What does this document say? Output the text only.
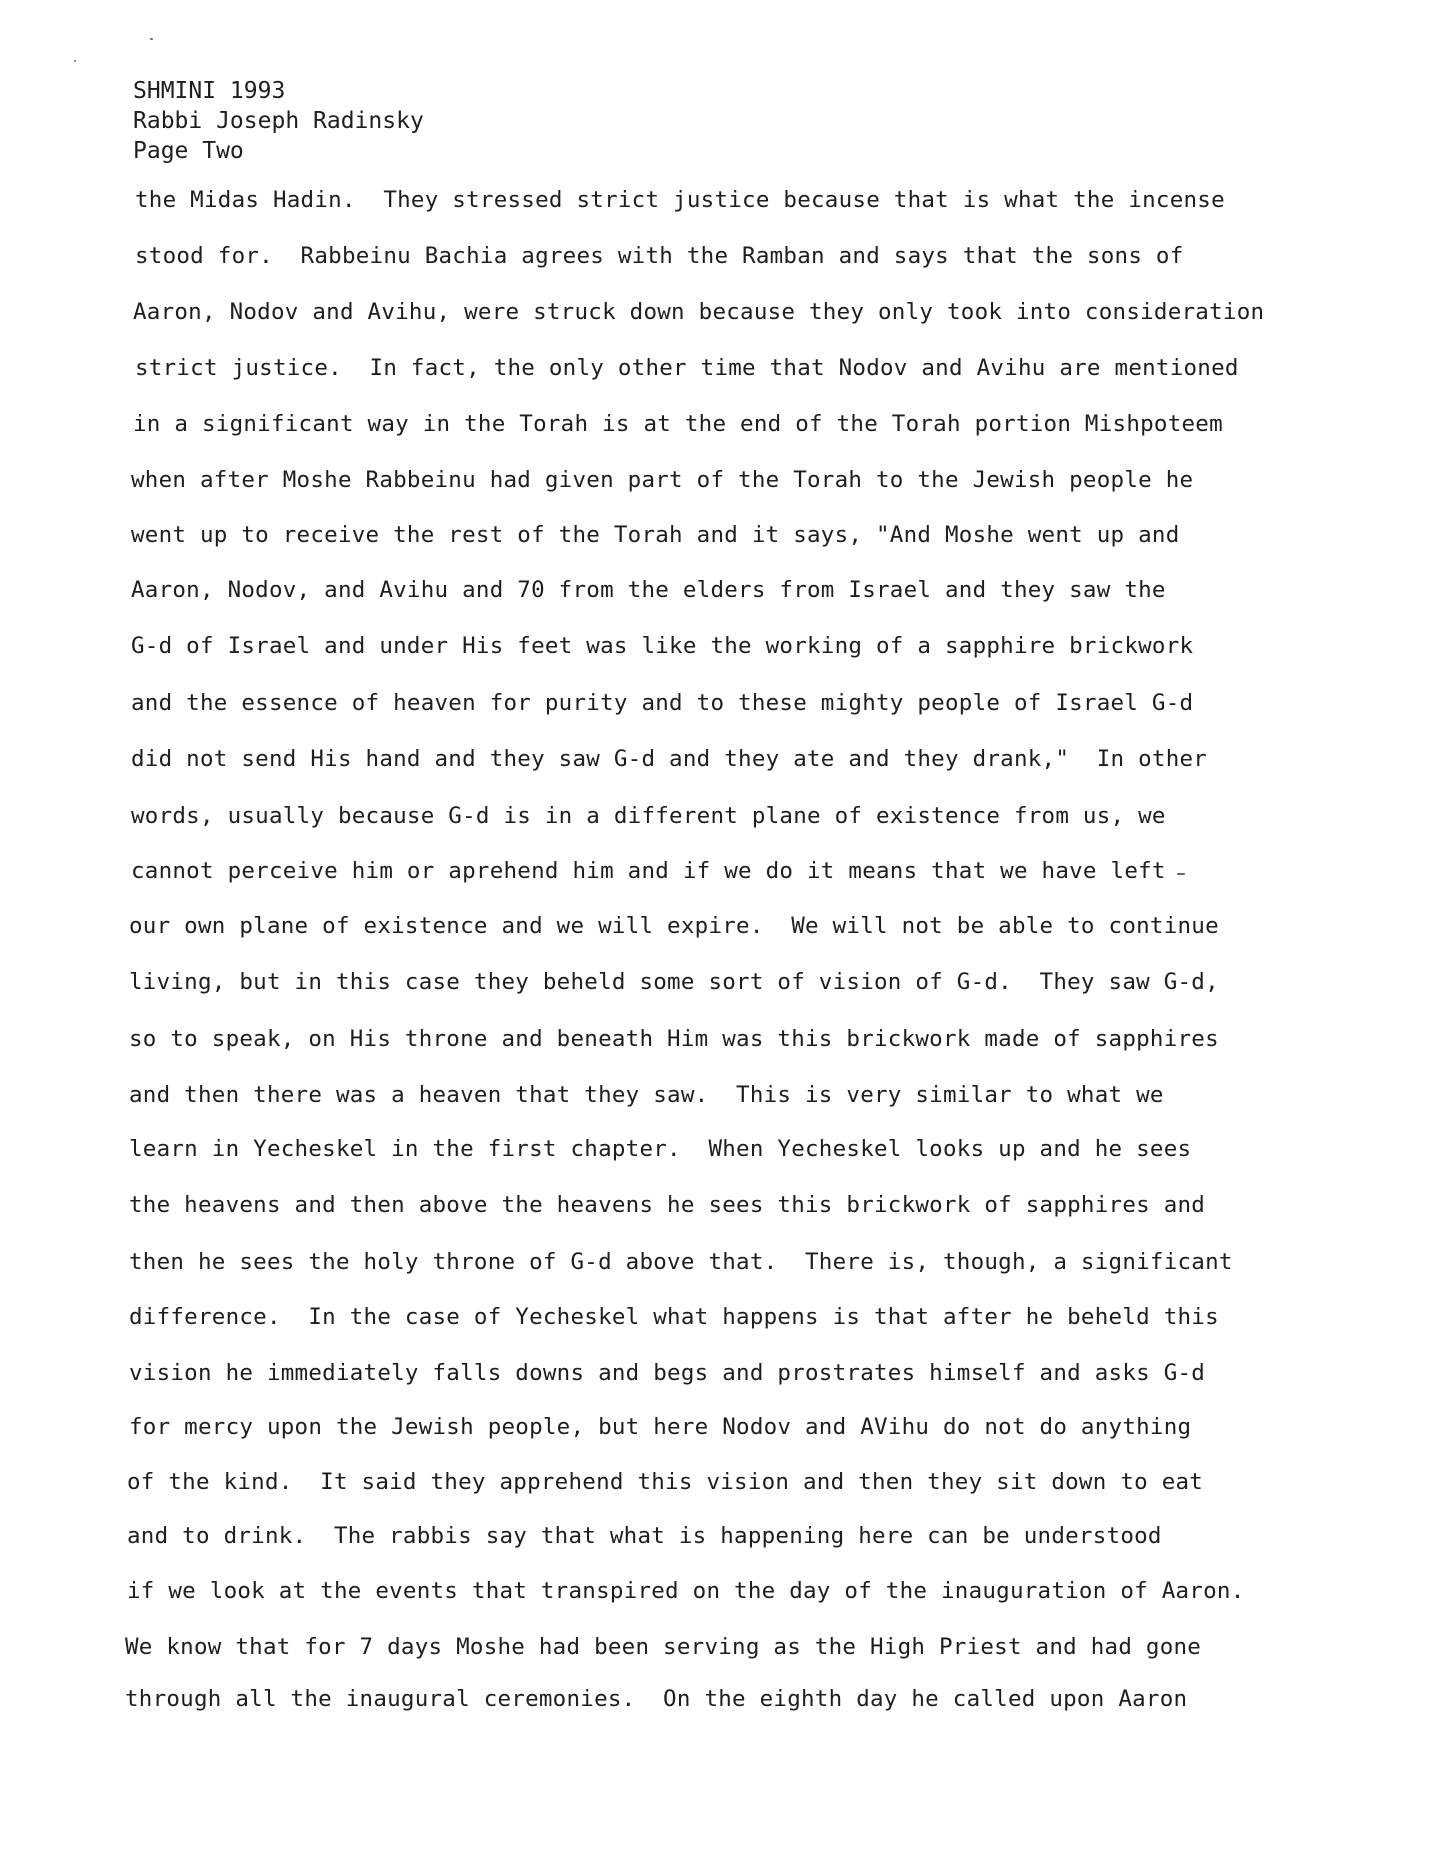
SHMINI 1993
Rabbi Joseph Radinsky
Page Two
the Midas Hadin.  They stressed strict justice because that is what the incense
stood for.  Rabbeinu Bachia agrees with the Ramban and says that the sons of
Aaron, Nodov and Avihu, were struck down because they only took into consideration
strict justice.  In fact, the only other time that Nodov and Avihu are mentioned
in a significant way in the Torah is at the end of the Torah portion Mishpoteem
when after Moshe Rabbeinu had given part of the Torah to the Jewish people he
went up to receive the rest of the Torah and it says, "And Moshe went up and
Aaron, Nodov, and Avihu and 70 from the elders from Israel and they saw the
G-d of Israel and under His feet was like the working of a sapphire brickwork
and the essence of heaven for purity and to these mighty people of Israel G-d
did not send His hand and they saw G-d and they ate and they drank,"  In other
words, usually because G-d is in a different plane of existence from us, we
cannot perceive him or aprehend him and if we do it means that we have left
our own plane of existence and we will expire.  We will not be able to continue
living, but in this case they beheld some sort of vision of G-d.  They saw G-d,
so to speak, on His throne and beneath Him was this brickwork made of sapphires
and then there was a heaven that they saw.  This is very similar to what we
learn in Yecheskel in the first chapter.  When Yecheskel looks up and he sees
the heavens and then above the heavens he sees this brickwork of sapphires and
then he sees the holy throne of G-d above that.  There is, though, a significant
difference.  In the case of Yecheskel what happens is that after he beheld this
vision he immediately falls downs and begs and prostrates himself and asks G-d
for mercy upon the Jewish people, but here Nodov and AVihu do not do anything
of the kind.  It said they apprehend this vision and then they sit down to eat
and to drink.  The rabbis say that what is happening here can be understood
if we look at the events that transpired on the day of the inauguration of Aaron.
We know that for 7 days Moshe had been serving as the High Priest and had gone
through all the inaugural ceremonies.  On the eighth day he called upon Aaron
